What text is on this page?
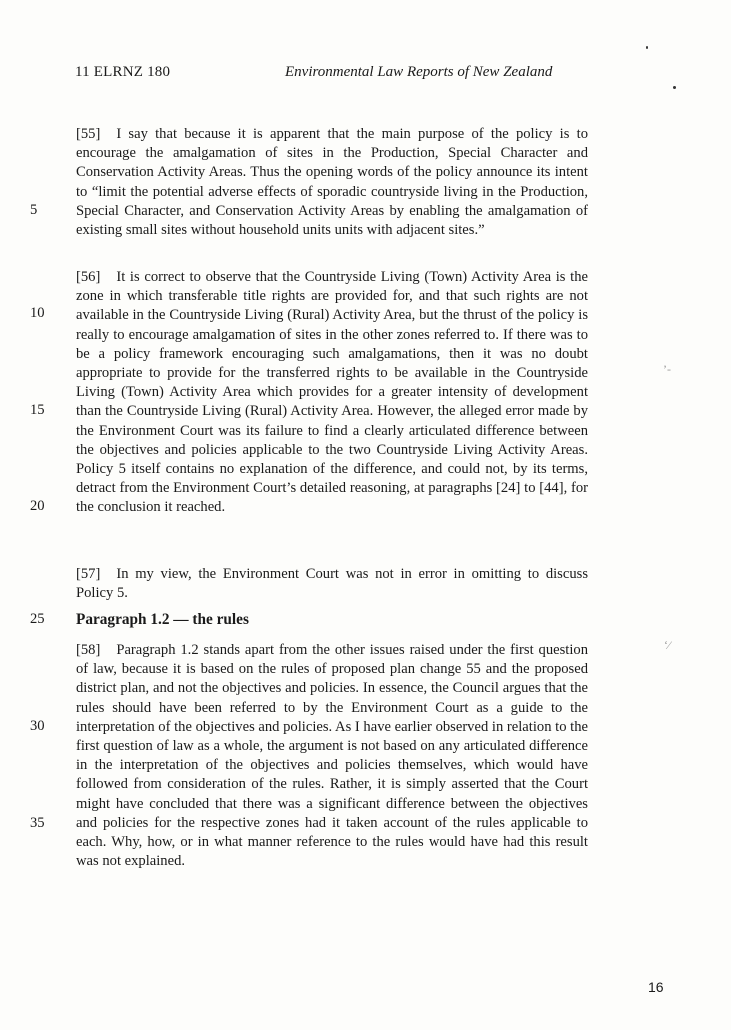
11 ELRNZ 180	Environmental Law Reports of New Zealand
[55] I say that because it is apparent that the main purpose of the policy is to encourage the amalgamation of sites in the Production, Special Character and Conservation Activity Areas. Thus the opening words of the policy announce its intent to “limit the potential adverse effects of sporadic countryside living in the Production, Special Character, and Conservation Activity Areas by enabling the amalgamation of existing small sites without household units units with adjacent sites.”
[56] It is correct to observe that the Countryside Living (Town) Activity Area is the zone in which transferable title rights are provided for, and that such rights are not available in the Countryside Living (Rural) Activity Area, but the thrust of the policy is really to encourage amalgamation of sites in the other zones referred to. If there was to be a policy framework encouraging such amalgamations, then it was no doubt appropriate to provide for the transferred rights to be available in the Countryside Living (Town) Activity Area which provides for a greater intensity of development than the Countryside Living (Rural) Activity Area. However, the alleged error made by the Environment Court was its failure to find a clearly articulated difference between the objectives and policies applicable to the two Countryside Living Activity Areas. Policy 5 itself contains no explanation of the difference, and could not, by its terms, detract from the Environment Court’s detailed reasoning, at paragraphs [24] to [44], for the conclusion it reached.
[57] In my view, the Environment Court was not in error in omitting to discuss Policy 5.
Paragraph 1.2 — the rules
[58] Paragraph 1.2 stands apart from the other issues raised under the first question of law, because it is based on the rules of proposed plan change 55 and the proposed district plan, and not the objectives and policies. In essence, the Council argues that the rules should have been referred to by the Environment Court as a guide to the interpretation of the objectives and policies. As I have earlier observed in relation to the first question of law as a whole, the argument is not based on any articulated difference in the interpretation of the objectives and policies themselves, which would have followed from consideration of the rules. Rather, it is simply asserted that the Court might have concluded that there was a significant difference between the objectives and policies for the respective zones had it taken account of the rules applicable to each. Why, how, or in what manner reference to the rules would have had this result was not explained.
5
10
15
20
25
30
35
16
’‐
‘⁄
